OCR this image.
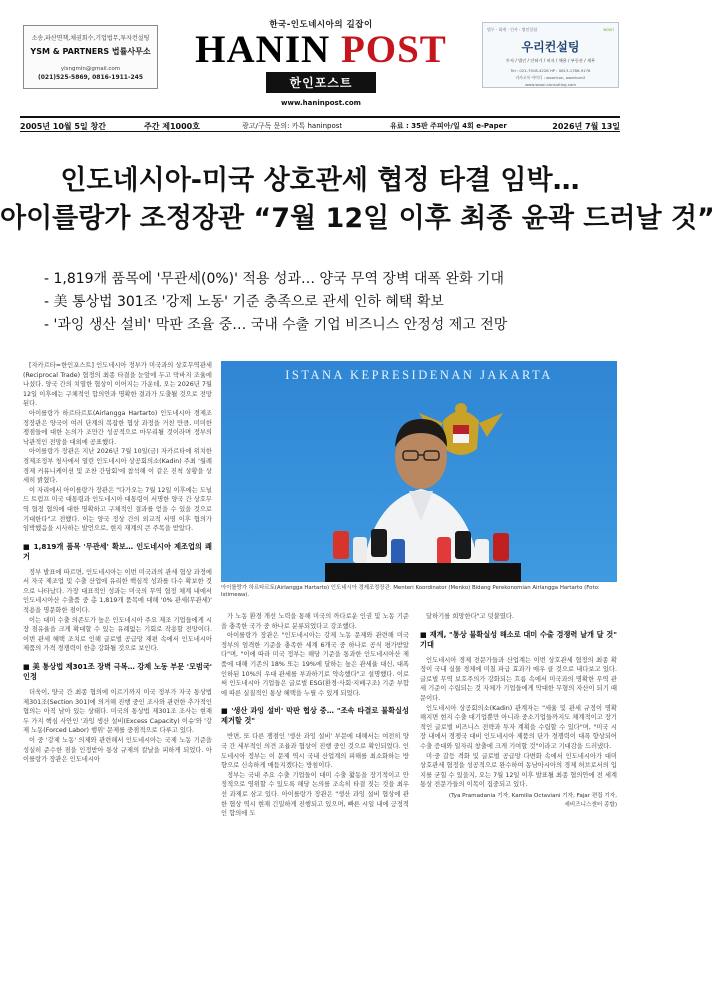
소송,파산면책,채권회수,기업법무,투자컨설팅
YSM & PARTNERS 법률사무소
ylsngmin@gmail.com
(021)525-5869, 0816-1911-245
한국-인도네시아의 길잡이
HANIN POST
한인포스트
www.haninpost.com
법무 · 회계 · 인사 · 법인설립	woori
우리컨설팅
투자 / 법인 / 인허가 / 비자 / 채용 / 부동산 / 세무
Tel : 021-7918-4228 HP : 0813-1786-9176
카카오톡 아이디 : wooricon, wooricon2
www.woori-consulting.com
2005년 10월 5일 창간	주간 제1000호	광고/구독 문의: 카톡 haninpost	유료 : 35판 주피아/일 4회 e-Paper	2026년 7월 13일
인도네시아-미국 상호관세 협정 타결 임박…
아이를랑가 조정장관 “7월 12일 이후 최종 윤곽 드러날 것”
- 1,819개 품목에 '무관세(0%)' 적용 성과… 양국 무역 장벽 대폭 완화 기대
- 美 통상법 301조 '강제 노동' 기준 충족으로 관세 인하 혜택 확보
- '과잉 생산 설비' 막판 조율 중… 국내 수출 기업 비즈니스 안정성 제고 전망

[자카르타=한인포스트] 인도네시아 정부가 미국과의 상호무역관세(Reciprocal Trade) 협정의 최종 타결을 눈앞에 두고 막바지 조율에 나섰다. 양국 간의 치열한 협상이 이어지는 가운데, 오는 2026년 7월 12일 이후에는 구체적인 합의안과 명확한 결과가 도출될 것으로 전망된다.

아이를랑가 하르타르토(Airlangga Hartarto) 인도네시아 경제조정장관은 양국이 여러 단계의 복잡한 협상 과정을 거친 만큼, 미미한 쟁점들에 대한 논의가 조만간 성공적으로 마무리될 것이라며 정부의 낙관적인 전망을 대외에 공표했다.

아이를랑가 장관은 지난 2026년 7월 10일(금) 자카르타에 위치한 경제조정부 청사에서 열린 인도네시아 상공회의소(Kadin) 주최 '월례 경제 커뮤니케이션 및 조찬 간담회'에 참석해 이 같은 진척 상황을 상세히 밝혔다.

이 자리에서 아이를랑가 장관은 "다가오는 7월 12일 이후에는 도널드 트럼프 미국 대통령과 인도네시아 대통령이 서명한 양국 간 상호무역 협정 협의에 대한 명확하고 구체적인 결과를 얻을 수 있을 것으로 기대한다"고 전했다. 이는 양국 정상 간의 외교적 서명 이후 협의가 임박했음을 시사하는 발언으로, 현지 재계의 큰 주목을 받았다.

■ 1,819개 품목 '무관세' 확보… 인도네시아 제조업의 쾌거

정부 발표에 따르면, 인도네시아는 이번 미국과의 관세 협상 과정에서 자국 제조업 및 수출 산업에 유리한 핵심적 성과를 다수 확보한 것으로 나타났다. 가장 대표적인 성과는 미국의 무역 협정 체계 내에서 인도네시아산 수출품 중 총 1,819개 품목에 대해 '0% 관세(무관세)' 적용을 명문화한 점이다.

이는 대미 수출 의존도가 높은 인도네시아 주요 제조 기업들에게 시장 점유율을 크게 확대할 수 있는 유례없는 기회로 작용할 전망이다. 이번 관세 혜택 조치로 인해 글로벌 공급망 재편 속에서 인도네시아 제품의 가격 경쟁력이 한층 강화될 것으로 보인다.

■ 美 통상법 제301조 장벽 극복… 강제 노동 부문 '모범국' 인정

더욱이, 양국 간 최종 협의에 이르기까지 미국 정부가 자국 통상법 제301조(Section 301)에 의거해 진행 중인 조사와 관련한 추가적인 협의는 아직 남아 있는 상태다. 미국의 통상법 제301조 조사는 현재 두 가지 핵심 사안인 '과잉 생산 설비(Excess Capacity) 이슈'와 '강제 노동(Forced Labor) 행위' 문제를 중점적으로 다루고 있다.

이 중 '강제 노동' 의제와 관련해서 인도네시아는 국제 노동 기준을 성실히 준수한 점을 인정받아 통상 규제의 칼날을 피하게 되었다. 아이를랑가 장관은 인도네시아

ISTANA KEPRESIDENAN JAKARTA
아이를랑가 하르타르토(Airlangga Hartarto) 인도네시아 경제조정장관. Menteri Koordinator (Menko) Bidang Perekonomian Airlangga Hartarto (Foto: Istimewa).

가 노동 환경 개선 노력을 통해 미국의 까다로운 인권 및 노동 기준을 충족한 국가 중 하나로 분류되었다고 강조했다.

아이를랑가 장관은 "인도네시아는 강제 노동 문제와 관련해 미국 정부의 엄격한 기준을 충족한 세계 6개국 중 하나로 공식 평가받았다"며, "이에 따라 미국 정부는 해당 기준을 통과한 인도네시아산 제품에 대해 기존의 18% 또는 19%에 달하는 높은 관세율 대신, 대폭 인하된 10%의 우대 관세를 부과하기로 약속했다"고 설명했다. 이로써 인도네시아 기업들은 글로벌 ESG(환경·사회·지배구조) 기준 부합에 따른 실질적인 통상 혜택을 누릴 수 있게 되었다.

■ '생산 과잉 설비' 막판 협상 중… "조속 타결로 불확실성 제거할 것"

반면, 또 다른 쟁점인 '생산 과잉 설비' 부문에 대해서는 여전히 양국 간 세부적인 의견 조율과 협상이 진행 중인 것으로 확인되었다. 인도네시아 정부는 이 문제 역시 국내 산업계의 피해를 최소화하는 방향으로 신속하게 매듭지겠다는 방침이다.

정부는 국내 주요 수출 기업들이 대미 수출 활동을 장기적이고 안정적으로 영위할 수 있도록 해당 논의를 조속히 타결 짓는 것을 최우선 과제로 삼고 있다. 아이를랑가 장관은 "생산 과잉 설비 협상에 관한 협상 역시 현재 긴밀하게 진행되고 있으며, 빠른 시일 내에 긍정적인 합의에 도

달하기를 희망한다"고 덧붙였다.

■ 재계, "통상 불확실성 해소로 대미 수출 경쟁력 날개 달 것" 기대

인도네시아 경제 전문가들과 산업계는 이번 상호관세 협정의 최종 확정이 국내 실물 경제에 미칠 파급 효과가 매우 클 것으로 내다보고 있다. 글로벌 무역 보호주의가 강화되는 흐름 속에서 미국과의 명확한 무역 관세 기준이 수립되는 것 자체가 기업들에게 막대한 무형의 자산이 되기 때문이다.

인도네시아 상공회의소(Kadin) 관계자는 "세율 및 관세 규정이 명확해지면 현지 수출 대기업뿐만 아니라 중소기업들까지도 체계적이고 장기적인 글로벌 비즈니스 전략과 투자 계획을 수립할 수 있다"며, "미국 시장 내에서 경쟁국 대비 인도네시아 제품의 단가 경쟁력이 대폭 향상되어 수출 증대와 일자리 창출에 크게 기여할 것"이라고 기대감을 드러냈다.

미·중 갈등 격화 및 글로벌 공급망 다변화 속에서 인도네시아가 대미 상호관세 협정을 성공적으로 완수하여 동남아시아의 경제 허브로서의 입지를 굳힐 수 있을지, 오는 7월 12일 이후 발표될 최종 협의안에 전 세계 통상 전문가들의 이목이 집중되고 있다.

(Tya Pramadania 기자, Kamilia Octaviani 기자, Fajar 편집 기자,
세비즈니스센터 종합)
